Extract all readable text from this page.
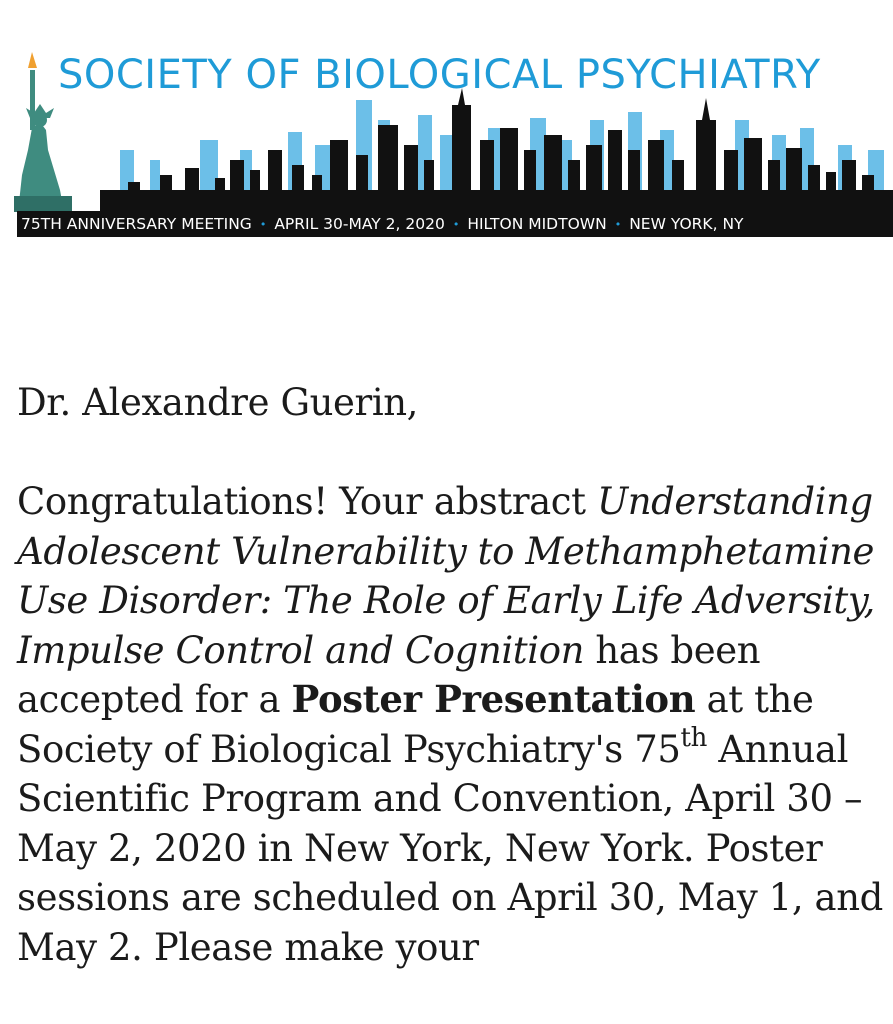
SOCIETY OF BIOLOGICAL PSYCHIATRY
75TH ANNIVERSARY MEETING • APRIL 30-MAY 2, 2020 • HILTON MIDTOWN • NEW YORK, NY

Dr. Alexandre Guerin,

Congratulations! Your abstract Understanding Adolescent Vulnerability to Methamphetamine Use Disorder: The Role of Early Life Adversity, Impulse Control and Cognition has been accepted for a Poster Presentation at the Society of Biological Psychiatry's 75th Annual Scientific Program and Convention, April 30 – May 2, 2020 in New York, New York. Poster sessions are scheduled on April 30, May 1, and May 2. Please make your
